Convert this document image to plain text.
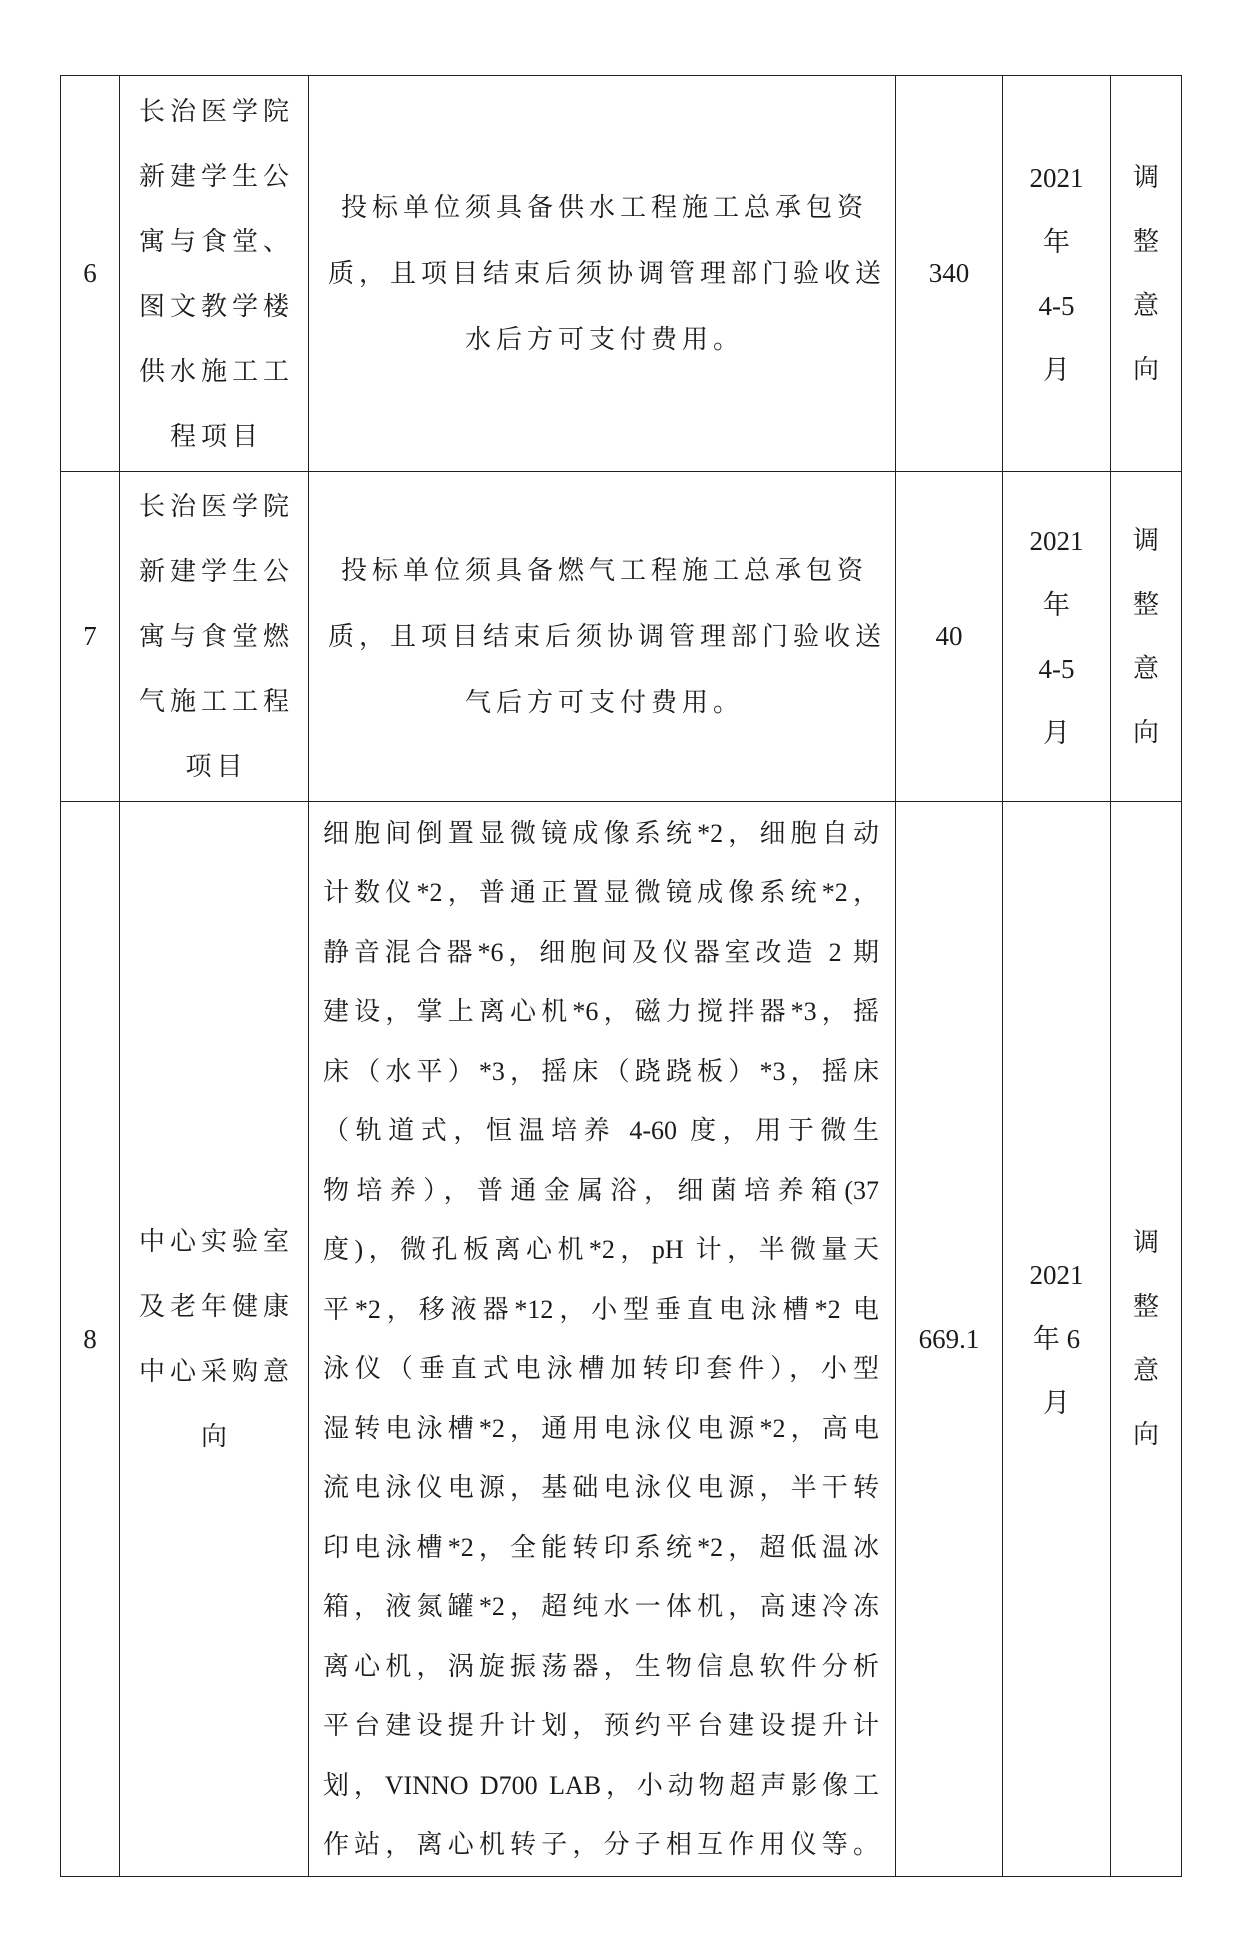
6
长治医学院
新建学生公
寓与食堂、
图文教学楼
供水施工工
程项目
投标单位须具备供水工程施工总承包资
质，且项目结束后须协调管理部门验收送
水后方可支付费用。
340
2021
年
4-5
月
调
整
意
向
7
长治医学院
新建学生公
寓与食堂燃
气施工工程
项目
投标单位须具备燃气工程施工总承包资
质，且项目结束后须协调管理部门验收送
气后方可支付费用。
40
2021
年
4-5
月
调
整
意
向
8
中心实验室
及老年健康
中心采购意
向
细胞间倒置显微镜成像系统*2，细胞自动
计数仪*2，普通正置显微镜成像系统*2，
静音混合器*6，细胞间及仪器室改造 2 期
建设，掌上离心机*6，磁力搅拌器*3，摇
床（水平）*3，摇床（跷跷板）*3，摇床
（轨道式，恒温培养 4-60 度，用于微生
物培养），普通金属浴，细菌培养箱(37
度)，微孔板离心机*2，pH 计，半微量天
平*2，移液器*12，小型垂直电泳槽*2 电
泳仪（垂直式电泳槽加转印套件），小型
湿转电泳槽*2，通用电泳仪电源*2，高电
流电泳仪电源，基础电泳仪电源，半干转
印电泳槽*2，全能转印系统*2，超低温冰
箱，液氮罐*2，超纯水一体机，高速冷冻
离心机，涡旋振荡器，生物信息软件分析
平台建设提升计划，预约平台建设提升计
划，VINNO D700 LAB，小动物超声影像工
作站，离心机转子，分子相互作用仪等。
669.1
2021
年 6
月
调
整
意
向
